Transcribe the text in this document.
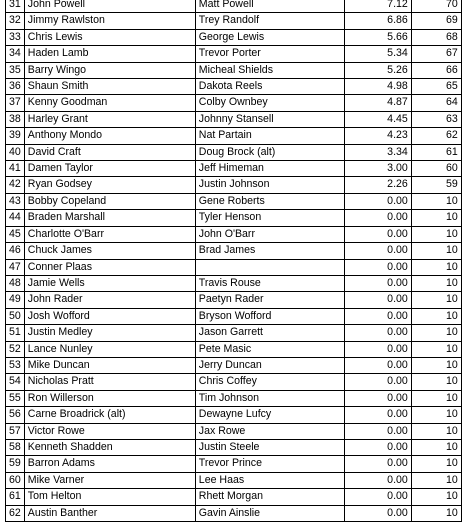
31	John Powell	Matt Powell	7.12	70
32	Jimmy Rawlston	Trey Randolf	6.86	69
33	Chris Lewis	George Lewis	5.66	68
34	Haden Lamb	Trevor Porter	5.34	67
35	Barry Wingo	Micheal Shields	5.26	66
36	Shaun Smith	Dakota Reels	4.98	65
37	Kenny Goodman	Colby Ownbey	4.87	64
38	Harley Grant	Johnny Stansell	4.45	63
39	Anthony Mondo	Nat Partain	4.23	62
40	David Craft	Doug Brock (alt)	3.34	61
41	Damen Taylor	Jeff Himeman	3.00	60
42	Ryan Godsey	Justin Johnson	2.26	59
43	Bobby Copeland	Gene Roberts	0.00	10
44	Braden Marshall	Tyler Henson	0.00	10
45	Charlotte O'Barr	John O'Barr	0.00	10
46	Chuck James	Brad James	0.00	10
47	Conner Plaas		0.00	10
48	Jamie Wells	Travis Rouse	0.00	10
49	John Rader	Paetyn Rader	0.00	10
50	Josh Wofford	Bryson Wofford	0.00	10
51	Justin Medley	Jason Garrett	0.00	10
52	Lance Nunley	Pete Masic	0.00	10
53	Mike Duncan	Jerry Duncan	0.00	10
54	Nicholas Pratt	Chris Coffey	0.00	10
55	Ron Willerson	Tim Johnson	0.00	10
56	Carne Broadrick (alt)	Dewayne Lufcy	0.00	10
57	Victor Rowe	Jax Rowe	0.00	10
58	Kenneth Shadden	Justin Steele	0.00	10
59	Barron Adams	Trevor Prince	0.00	10
60	Mike Varner	Lee Haas	0.00	10
61	Tom Helton	Rhett Morgan	0.00	10
62	Austin Banther	Gavin Ainslie	0.00	10
